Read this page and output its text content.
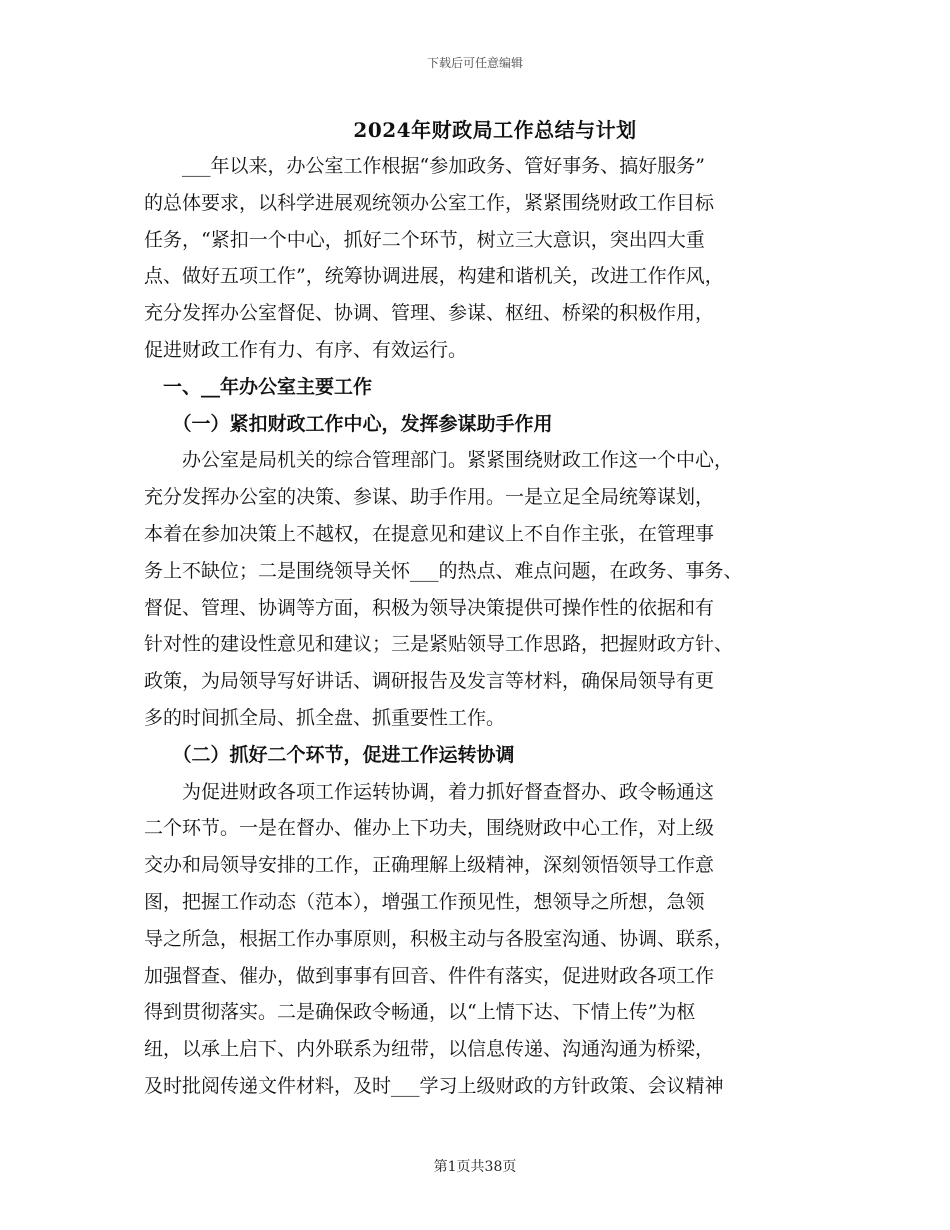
下载后可任意编辑
2024年财政局工作总结与计划
　　___年以来，办公室工作根据“参加政务、管好事务、搞好服务”
的总体要求，以科学进展观统领办公室工作，紧紧围绕财政工作目标
任务，“紧扣一个中心，抓好二个环节，树立三大意识，突出四大重
点、做好五项工作”，统筹协调进展，构建和谐机关，改进工作作风，
充分发挥办公室督促、协调、管理、参谋、枢纽、桥梁的积极作用，
促进财政工作有力、有序、有效运行。
　一、__年办公室主要工作
　　（一）紧扣财政工作中心，发挥参谋助手作用
　　办公室是局机关的综合管理部门。紧紧围绕财政工作这一个中心，
充分发挥办公室的决策、参谋、助手作用。一是立足全局统筹谋划，
本着在参加决策上不越权，在提意见和建议上不自作主张，在管理事
务上不缺位；二是围绕领导关怀___的热点、难点问题，在政务、事务、
督促、管理、协调等方面，积极为领导决策提供可操作性的依据和有
针对性的建设性意见和建议；三是紧贴领导工作思路，把握财政方针、
政策，为局领导写好讲话、调研报告及发言等材料，确保局领导有更
多的时间抓全局、抓全盘、抓重要性工作。
　　（二）抓好二个环节，促进工作运转协调
　　为促进财政各项工作运转协调，着力抓好督查督办、政令畅通这
二个环节。一是在督办、催办上下功夫，围绕财政中心工作，对上级
交办和局领导安排的工作，正确理解上级精神，深刻领悟领导工作意
图，把握工作动态（范本），增强工作预见性，想领导之所想，急领
导之所急，根据工作办事原则，积极主动与各股室沟通、协调、联系，
加强督查、催办，做到事事有回音、件件有落实，促进财政各项工作
得到贯彻落实。二是确保政令畅通，以“上情下达、下情上传”为枢
纽，以承上启下、内外联系为纽带，以信息传递、沟通沟通为桥梁，
及时批阅传递文件材料，及时___学习上级财政的方针政策、会议精神
第1页共38页
